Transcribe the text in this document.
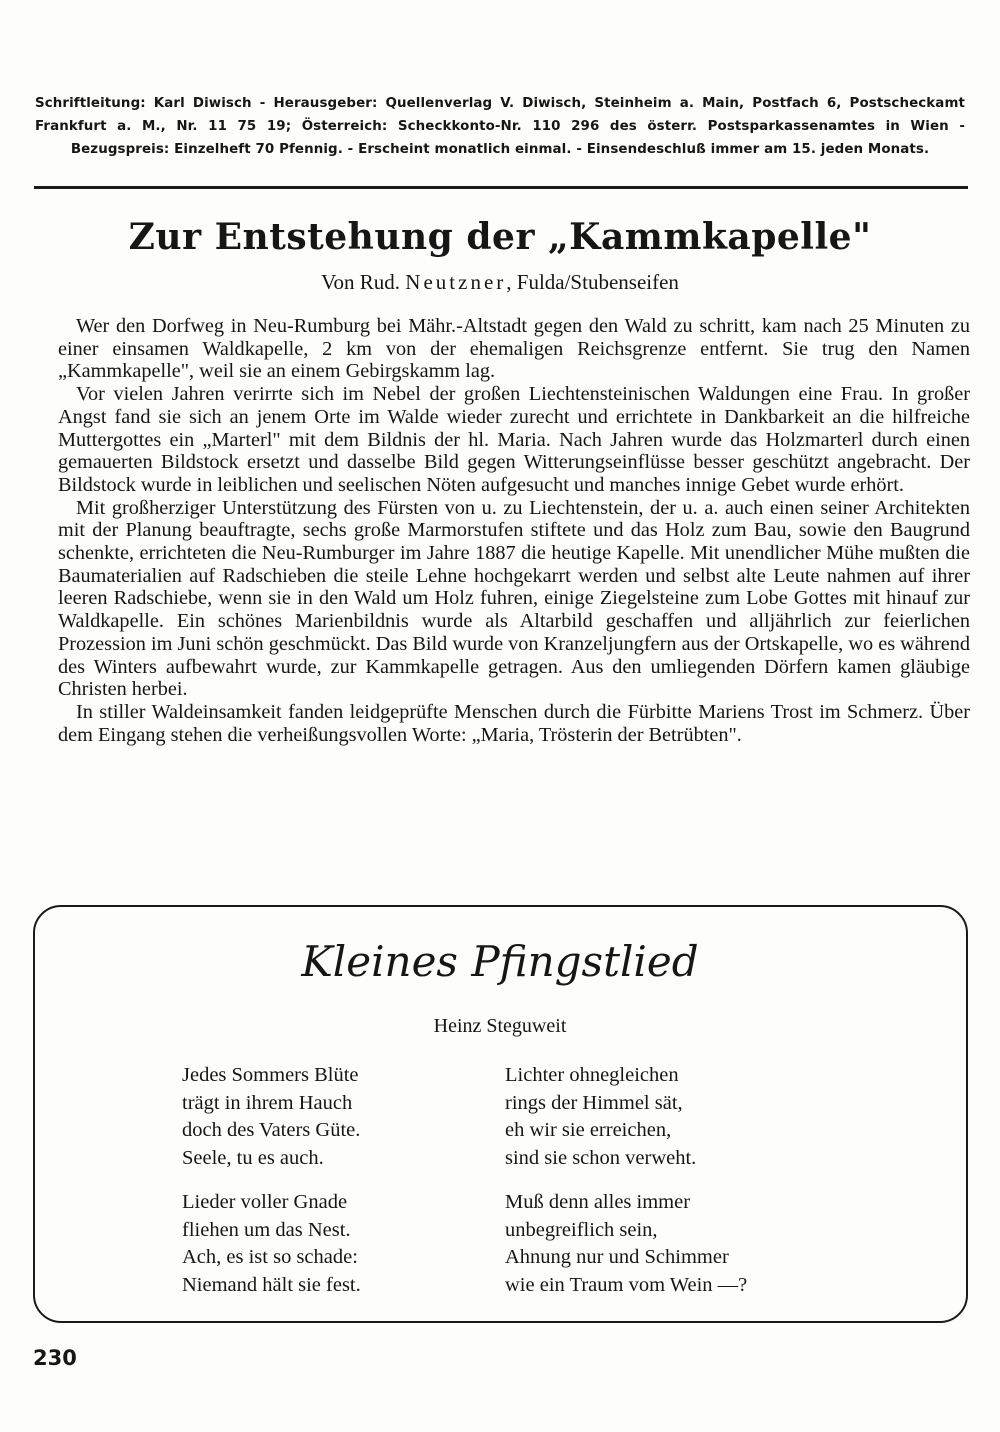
Schriftleitung: Karl Diwisch - Herausgeber: Quellenverlag V. Diwisch, Steinheim a. Main, Postfach 6, Postscheckamt Frankfurt a. M., Nr. 11 75 19; Österreich: Scheckkonto-Nr. 110 296 des österr. Postsparkassenamtes in Wien - Bezugspreis: Einzelheft 70 Pfennig. - Erscheint monatlich einmal. - Einsendeschluß immer am 15. jeden Monats.
Zur Entstehung der „Kammkapelle"
Von Rud. Neutzner, Fulda/Stubenseifen

Wer den Dorfweg in Neu-Rumburg bei Mähr.-Altstadt gegen den Wald zu schritt, kam nach 25 Minuten zu einer einsamen Waldkapelle, 2 km von der ehemaligen Reichsgrenze entfernt. Sie trug den Namen „Kammkapelle", weil sie an einem Gebirgskamm lag.

Vor vielen Jahren verirrte sich im Nebel der großen Liechtensteinischen Waldungen eine Frau. In großer Angst fand sie sich an jenem Orte im Walde wieder zurecht und errichtete in Dankbarkeit an die hilfreiche Muttergottes ein „Marterl" mit dem Bildnis der hl. Maria. Nach Jahren wurde das Holzmarterl durch einen gemauerten Bildstock ersetzt und dasselbe Bild gegen Witterungseinflüsse besser geschützt angebracht. Der Bildstock wurde in leiblichen und seelischen Nöten aufgesucht und manches innige Gebet wurde erhört.

Mit großherziger Unterstützung des Fürsten von u. zu Liechtenstein, der u. a. auch einen seiner Architekten mit der Planung beauftragte, sechs große Marmorstufen stiftete und das Holz zum Bau, sowie den Baugrund schenkte, errichteten die Neu-Rumburger im Jahre 1887 die heutige Kapelle. Mit unendlicher Mühe mußten die Baumaterialien auf Radschieben die steile Lehne hochgekarrt werden und selbst alte Leute nahmen auf ihrer leeren Radschiebe, wenn sie in den Wald um Holz fuhren, einige Ziegelsteine zum Lobe Gottes mit hinauf zur Waldkapelle. Ein schönes Marienbildnis wurde als Altarbild geschaffen und alljährlich zur feierlichen Prozession im Juni schön geschmückt. Das Bild wurde von Kranzeljungfern aus der Ortskapelle, wo es während des Winters aufbewahrt wurde, zur Kammkapelle getragen. Aus den umliegenden Dörfern kamen gläubige Christen herbei.

In stiller Waldeinsamkeit fanden leidgeprüfte Menschen durch die Fürbitte Mariens Trost im Schmerz. Über dem Eingang stehen die verheißungsvollen Worte: „Maria, Trösterin der Betrübten".

Kleines Pfingstlied
Heinz Steguweit
Jedes Sommers Blüte
trägt in ihrem Hauch
doch des Vaters Güte.
Seele, tu es auch.
Lieder voller Gnade
fliehen um das Nest.
Ach, es ist so schade:
Niemand hält sie fest.
Lichter ohnegleichen
rings der Himmel sät,
eh wir sie erreichen,
sind sie schon verweht.
Muß denn alles immer
unbegreiflich sein,
Ahnung nur und Schimmer
wie ein Traum vom Wein —?
230
